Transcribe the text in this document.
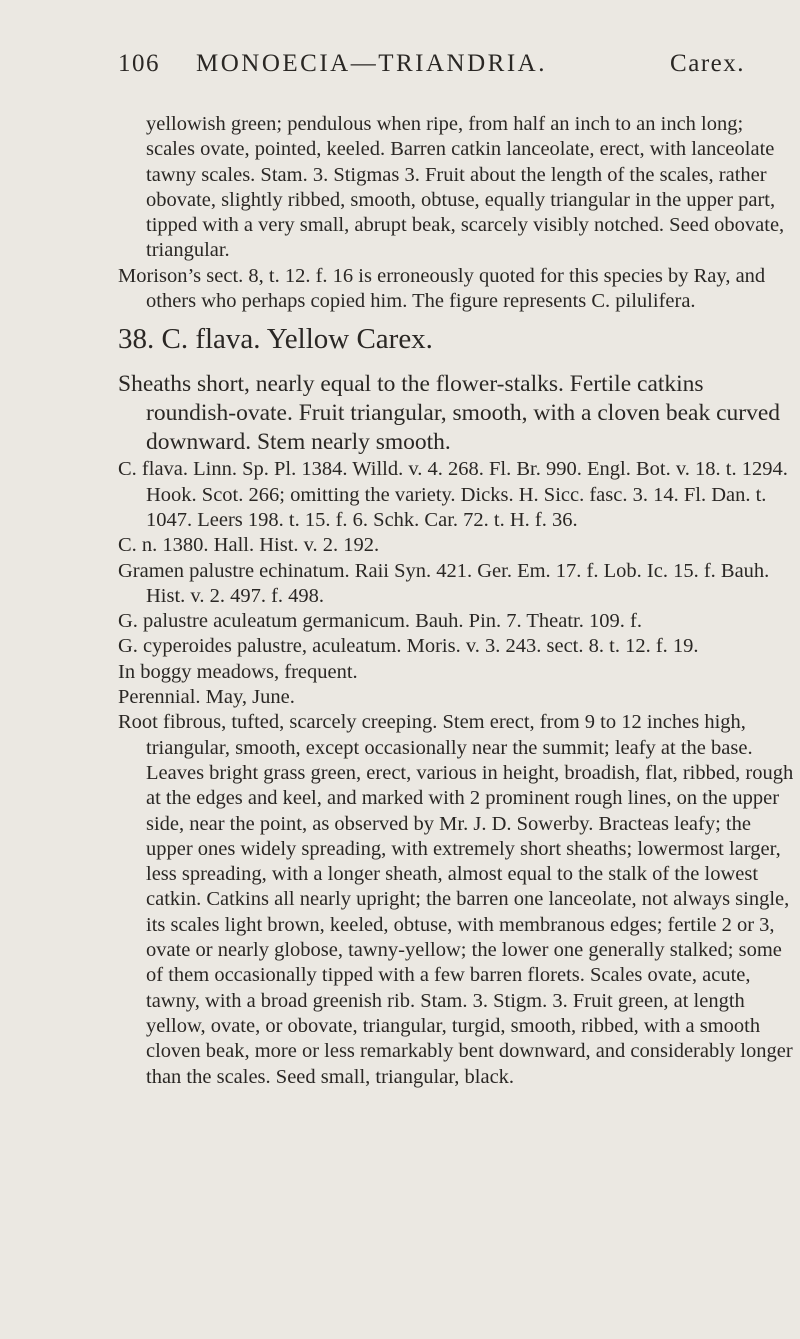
106 MONOECIA—TRIANDRIA.	Carex.

yellowish green; pendulous when ripe, from half an inch to an inch long; scales ovate, pointed, keeled. Barren catkin lanceolate, erect, with lanceolate tawny scales. Stam. 3. Stigmas 3. Fruit about the length of the scales, rather obovate, slightly ribbed, smooth, obtuse, equally triangular in the upper part, tipped with a very small, abrupt beak, scarcely visibly notched. Seed obovate, triangular.

Morison’s sect. 8, t. 12. f. 16 is erroneously quoted for this species by Ray, and others who perhaps copied him. The figure represents C. pilulifera.

38. C. flava. Yellow Carex.

Sheaths short, nearly equal to the flower-stalks. Fertile catkins roundish-ovate. Fruit triangular, smooth, with a cloven beak curved downward. Stem nearly smooth.

C. flava. Linn. Sp. Pl. 1384. Willd. v. 4. 268. Fl. Br. 990. Engl. Bot. v. 18. t. 1294. Hook. Scot. 266; omitting the variety. Dicks. H. Sicc. fasc. 3. 14. Fl. Dan. t. 1047. Leers 198. t. 15. f. 6. Schk. Car. 72. t. H. f. 36.

C. n. 1380. Hall. Hist. v. 2. 192.

Gramen palustre echinatum. Raii Syn. 421. Ger. Em. 17. f. Lob. Ic. 15. f. Bauh. Hist. v. 2. 497. f. 498.

G. palustre aculeatum germanicum. Bauh. Pin. 7. Theatr. 109. f.

G. cyperoides palustre, aculeatum. Moris. v. 3. 243. sect. 8. t. 12. f. 19.

In boggy meadows, frequent.

Perennial. May, June.

Root fibrous, tufted, scarcely creeping. Stem erect, from 9 to 12 inches high, triangular, smooth, except occasionally near the summit; leafy at the base. Leaves bright grass green, erect, various in height, broadish, flat, ribbed, rough at the edges and keel, and marked with 2 prominent rough lines, on the upper side, near the point, as observed by Mr. J. D. Sowerby. Bracteas leafy; the upper ones widely spreading, with extremely short sheaths; lowermost larger, less spreading, with a longer sheath, almost equal to the stalk of the lowest catkin. Catkins all nearly upright; the barren one lanceolate, not always single, its scales light brown, keeled, obtuse, with membranous edges; fertile 2 or 3, ovate or nearly globose, tawny-yellow; the lower one generally stalked; some of them occasionally tipped with a few barren florets. Scales ovate, acute, tawny, with a broad greenish rib. Stam. 3. Stigm. 3. Fruit green, at length yellow, ovate, or obovate, triangular, turgid, smooth, ribbed, with a smooth cloven beak, more or less remarkably bent downward, and considerably longer than the scales. Seed small, triangular, black.
